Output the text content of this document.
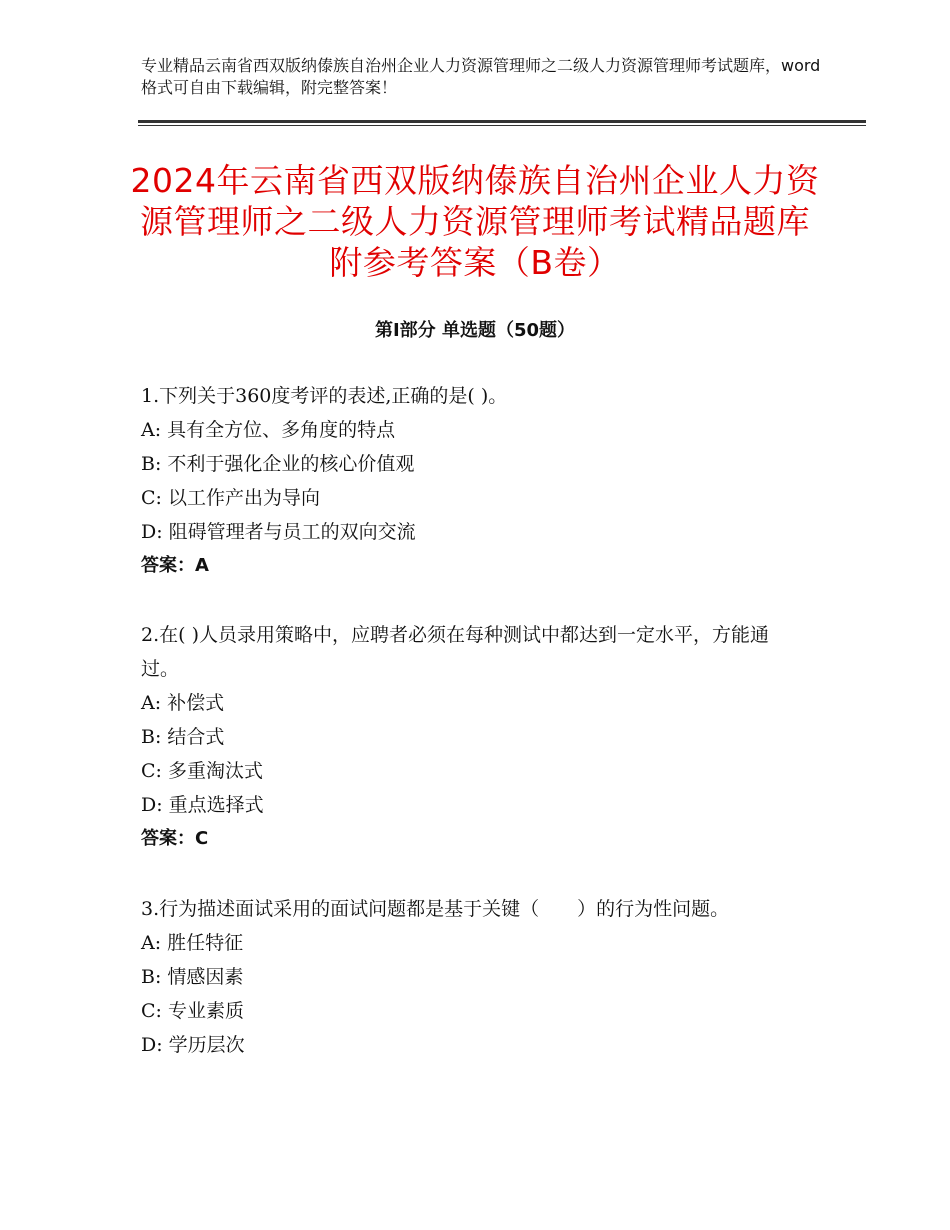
专业精品云南省西双版纳傣族自治州企业人力资源管理师之二级人力资源管理师考试题库，word格式可自由下载编辑，附完整答案！
2024年云南省西双版纳傣族自治州企业人力资源管理师之二级人力资源管理师考试精品题库附参考答案（B卷）
第Ⅰ部分 单选题（50题）
1.下列关于360度考评的表述,正确的是( )。
A: 具有全方位、多角度的特点
B: 不利于强化企业的核心价值观
C: 以工作产出为导向
D: 阻碍管理者与员工的双向交流
答案：A
2.在( )人员录用策略中，应聘者必须在每种测试中都达到一定水平，方能通过。
A: 补偿式
B: 结合式
C: 多重淘汰式
D: 重点选择式
答案：C
3.行为描述面试采用的面试问题都是基于关键（　　）的行为性问题。
A: 胜任特征
B: 情感因素
C: 专业素质
D: 学历层次
